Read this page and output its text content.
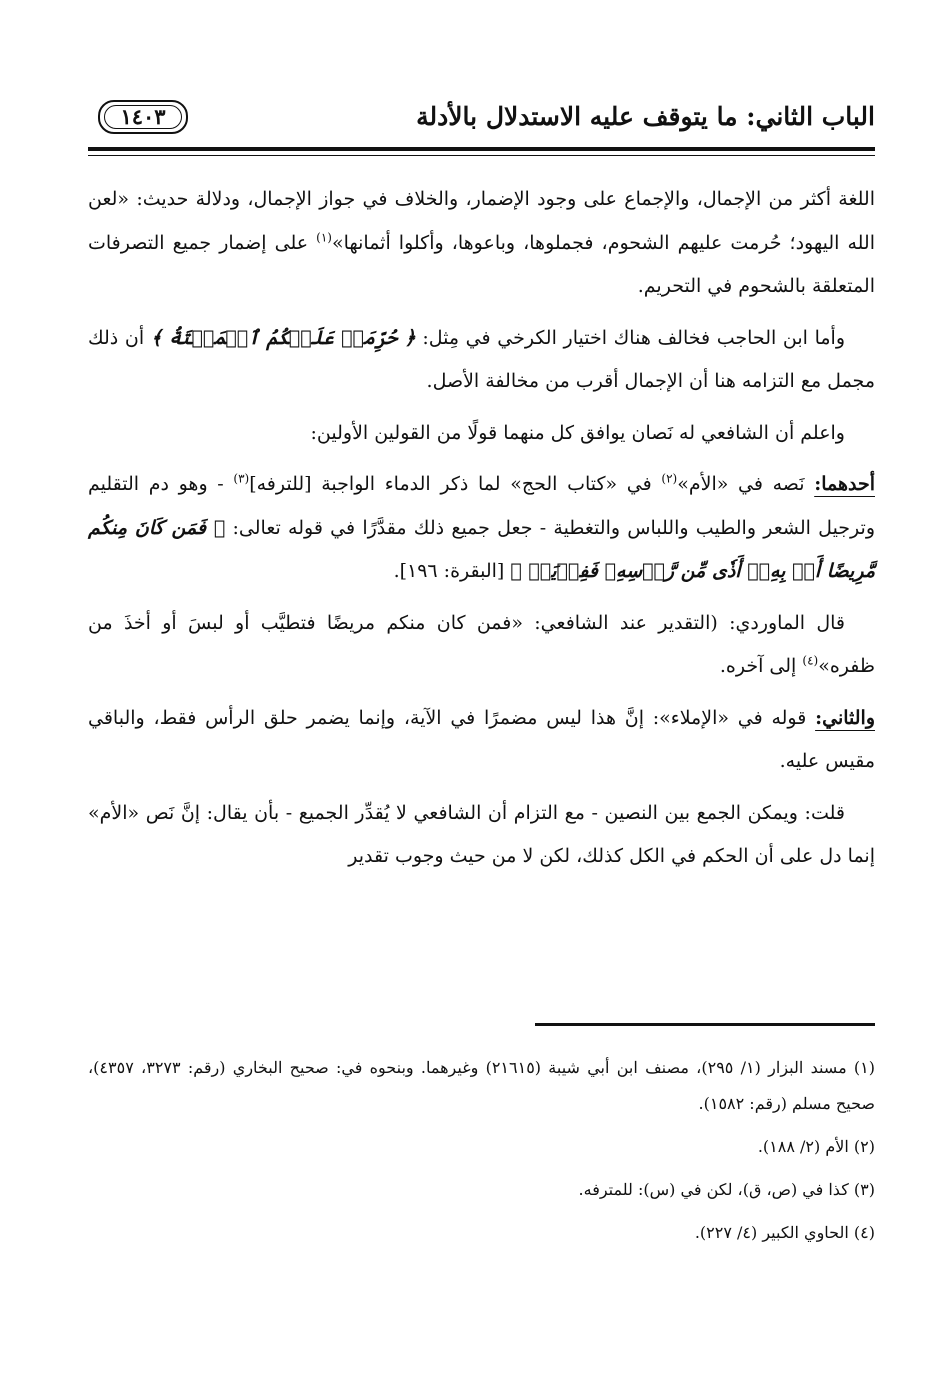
الباب الثاني: ما يتوقف عليه الاستدلال بالأدلة
١٤٠٣

اللغة أكثر من الإجمال، والإجماع على وجود الإضمار، والخلاف في جواز الإجمال، ودلالة حديث: «لعن الله اليهود؛ حُرمت عليهم الشحوم، فجملوها، وباعوها، وأكلوا أثمانها»$^{(١)}$ على إضمار جميع التصرفات المتعلقة بالشحوم في التحريم.

وأما ابن الحاجب فخالف هناك اختيار الكرخي في مِثل: ﴿ حُرِّمَتۡ عَلَيۡكُمُ ٱلۡمَيۡتَةُ ﴾ أن ذلك مجمل مع التزامه هنا أن الإجمال أقرب من مخالفة الأصل.

واعلم أن الشافعي له نَصان يوافق كل منهما قولًا من القولين الأولين:

أحدهما: نَصه في «الأم»$^{(٢)}$ في «كتاب الحج» لما ذكر الدماء الواجبة [للترفه]$^{(٣)}$ - وهو دم التقليم وترجيل الشعر والطيب واللباس والتغطية - جعل جميع ذلك مقدَّرًا في قوله تعالى: ﴿ فَمَن كَانَ مِنكُم مَّرِيضًا أَوۡ بِهِۦٓ أَذٗى مِّن رَّأۡسِهِۦ فَفِدۡيَةٞ ﴾ [البقرة: ١٩٦].

قال الماوردي: (التقدير عند الشافعي: «فمن كان منكم مريضًا فتطيَّب أو لبسَ أو أخذَ من ظفره»$^{(٤)}$ إلى آخره.

والثاني: قوله في «الإملاء»: إنَّ هذا ليس مضمرًا في الآية، وإنما يضمر حلق الرأس فقط، والباقي مقيس عليه.

قلت: ويمكن الجمع بين النصين - مع التزام أن الشافعي لا يُقدِّر الجميع - بأن يقال: إنَّ نَص «الأم» إنما دل على أن الحكم في الكل كذلك، لكن لا من حيث وجوب تقدير

(١) مسند البزار (١/ ٢٩٥)، مصنف ابن أبي شيبة (٢١٦١٥) وغيرهما. وبنحوه في: صحيح البخاري (رقم: ٣٢٧٣، ٤٣٥٧)، صحيح مسلم (رقم: ١٥٨٢).

(٢) الأم (٢/ ١٨٨).

(٣) كذا في (ص، ق)، لكن في (س): للمترفه.

(٤) الحاوي الكبير (٤/ ٢٢٧).
